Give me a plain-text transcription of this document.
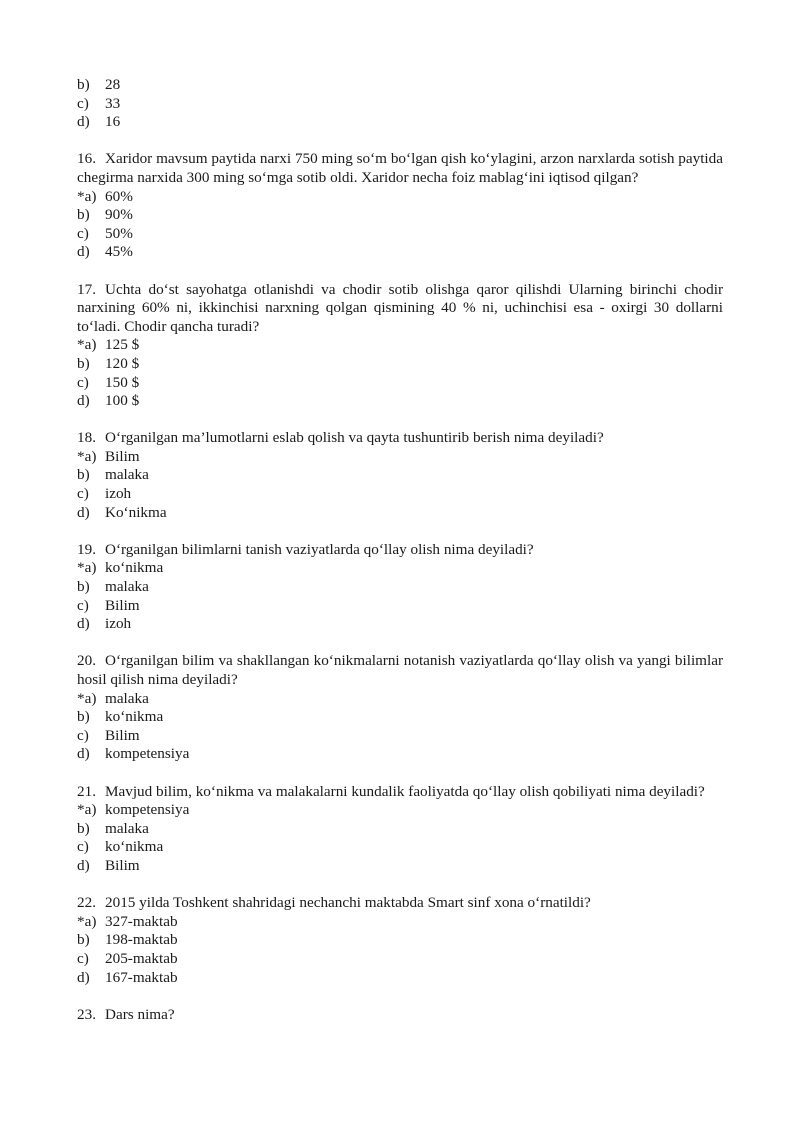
b)	28

c)	33

d)	16

16. Xaridor mavsum paytida narxi 750 ming so‘m bo‘lgan qish ko‘ylagini, arzon narxlarda sotish paytida chegirma narxida 300 ming so‘mga sotib oldi. Xaridor necha foiz mablag‘ini iqtisod qilgan?

*a) 60%

b)	90%

c)	50%

d)	45%

17. Uchta do‘st sayohatga otlanishdi va chodir sotib olishga qaror qilishdi Ularning birinchi chodir narxining 60% ni, ikkinchisi narxning qolgan qismining 40 % ni, uchinchisi esa - oxirgi 30 dollarni to‘ladi. Chodir qancha turadi?

*a) 125 $

b)	120 $

c)	150 $

d)	100 $

18. O‘rganilgan ma’lumotlarni eslab qolish va qayta tushuntirib berish nima deyiladi?

*a) Bilim

b)	malaka

c)	izoh

d)	Ko‘nikma

19. O‘rganilgan bilimlarni tanish vaziyatlarda qo‘llay olish nima deyiladi?

*a) ko‘nikma

b)	malaka

c)	Bilim

d)	izoh

20. O‘rganilgan bilim va shakllangan ko‘nikmalarni notanish vaziyatlarda qo‘llay olish va yangi bilimlar hosil qilish nima deyiladi?

*a) malaka

b)	ko‘nikma

c)	Bilim

d)	kompetensiya

21. Mavjud bilim, ko‘nikma va malakalarni kundalik faoliyatda qo‘llay olish qobiliyati nima deyiladi?

*a) kompetensiya

b)	malaka

c)	ko‘nikma

d)	Bilim

22. 2015 yilda Toshkent shahridagi nechanchi maktabda Smart sinf xona o‘rnatildi?

*a) 327-maktab

b)	198-maktab

c)	205-maktab

d)	167-maktab

23. Dars nima?
